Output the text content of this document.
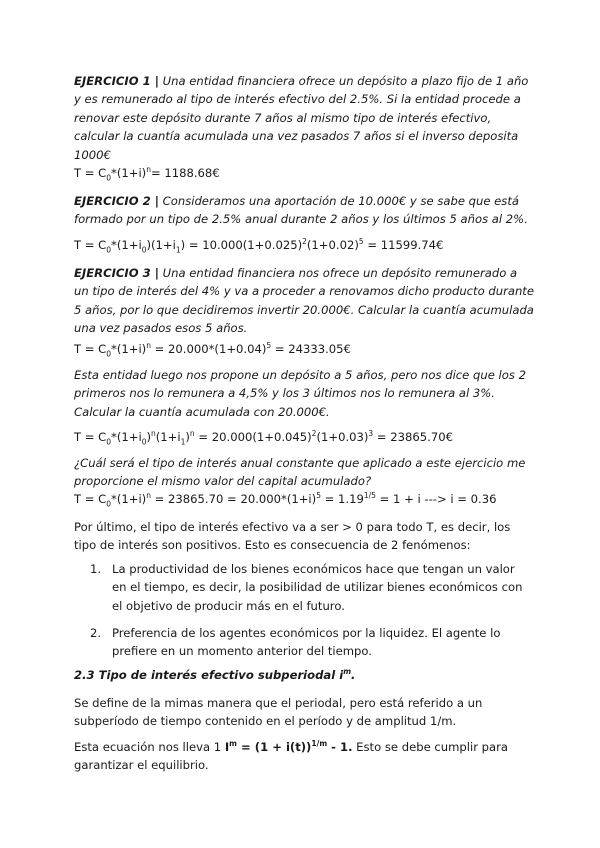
EJERCICIO 1 | Una entidad financiera ofrece un depósito a plazo fijo de 1 año y es remunerado al tipo de interés efectivo del 2.5%. Si la entidad procede a renovar este depósito durante 7 años al mismo tipo de interés efectivo, calcular la cuantía acumulada una vez pasados 7 años si el inverso deposita 1000€

$T = C_0*(1+i)^n=$ 1188.68€

EJERCICIO 2 | Consideramos una aportación de 10.000€ y se sabe que está formado por un tipo de 2.5% anual durante 2 años y los últimos 5 años al 2%.

$T = C_0*(1+i_0)(1+i_1) = 10.000(1+0.025)^2(1+0.02)^5$ = 11599.74€

EJERCICIO 3 | Una entidad financiera nos ofrece un depósito remunerado a un tipo de interés del 4% y va a proceder a renovamos dicho producto durante 5 años, por lo que decidiremos invertir 20.000€. Calcular la cuantía acumulada una vez pasados esos 5 años.

$T = C_0*(1+i)^n = 20.000*(1+0.04)^5$ = 24333.05€

Esta entidad luego nos propone un depósito a 5 años, pero nos dice que los 2 primeros nos lo remunera a 4,5% y los 3 últimos nos lo remunera al 3%. Calcular la cuantía acumulada con 20.000€.

$T = C_0*(1+i_0)^n(1+i_1)^n = 20.000(1+0.045)^2(1+0.03)^3$ = 23865.70€

¿Cuál será el tipo de interés anual constante que aplicado a este ejercicio me proporcione el mismo valor del capital acumulado?

$T = C_0*(1+i)^n = 23865.70 = 20.000*(1+i)^5 = 1.19^{1/5} = 1 + i$ ---> i = 0.36

Por último, el tipo de interés efectivo va a ser > 0 para todo T, es decir, los tipo de interés son positivos. Esto es consecuencia de 2 fenómenos:

1. La productividad de los bienes económicos hace que tengan un valor en el tiempo, es decir, la posibilidad de utilizar bienes económicos con el objetivo de producir más en el futuro.
2. Preferencia de los agentes económicos por la liquidez. El agente lo prefiere en un momento anterior del tiempo.

2.3 Tipo de interés efectivo subperiodal $i^m$.

Se define de la mimas manera que el periodal, pero está referido a un subperíodo de tiempo contenido en el período y de amplitud 1/m.

Esta ecuación nos lleva 1 $I^m = (1 + i(t))^{1/m} - 1$. Esto se debe cumplir para garantizar el equilibrio.
